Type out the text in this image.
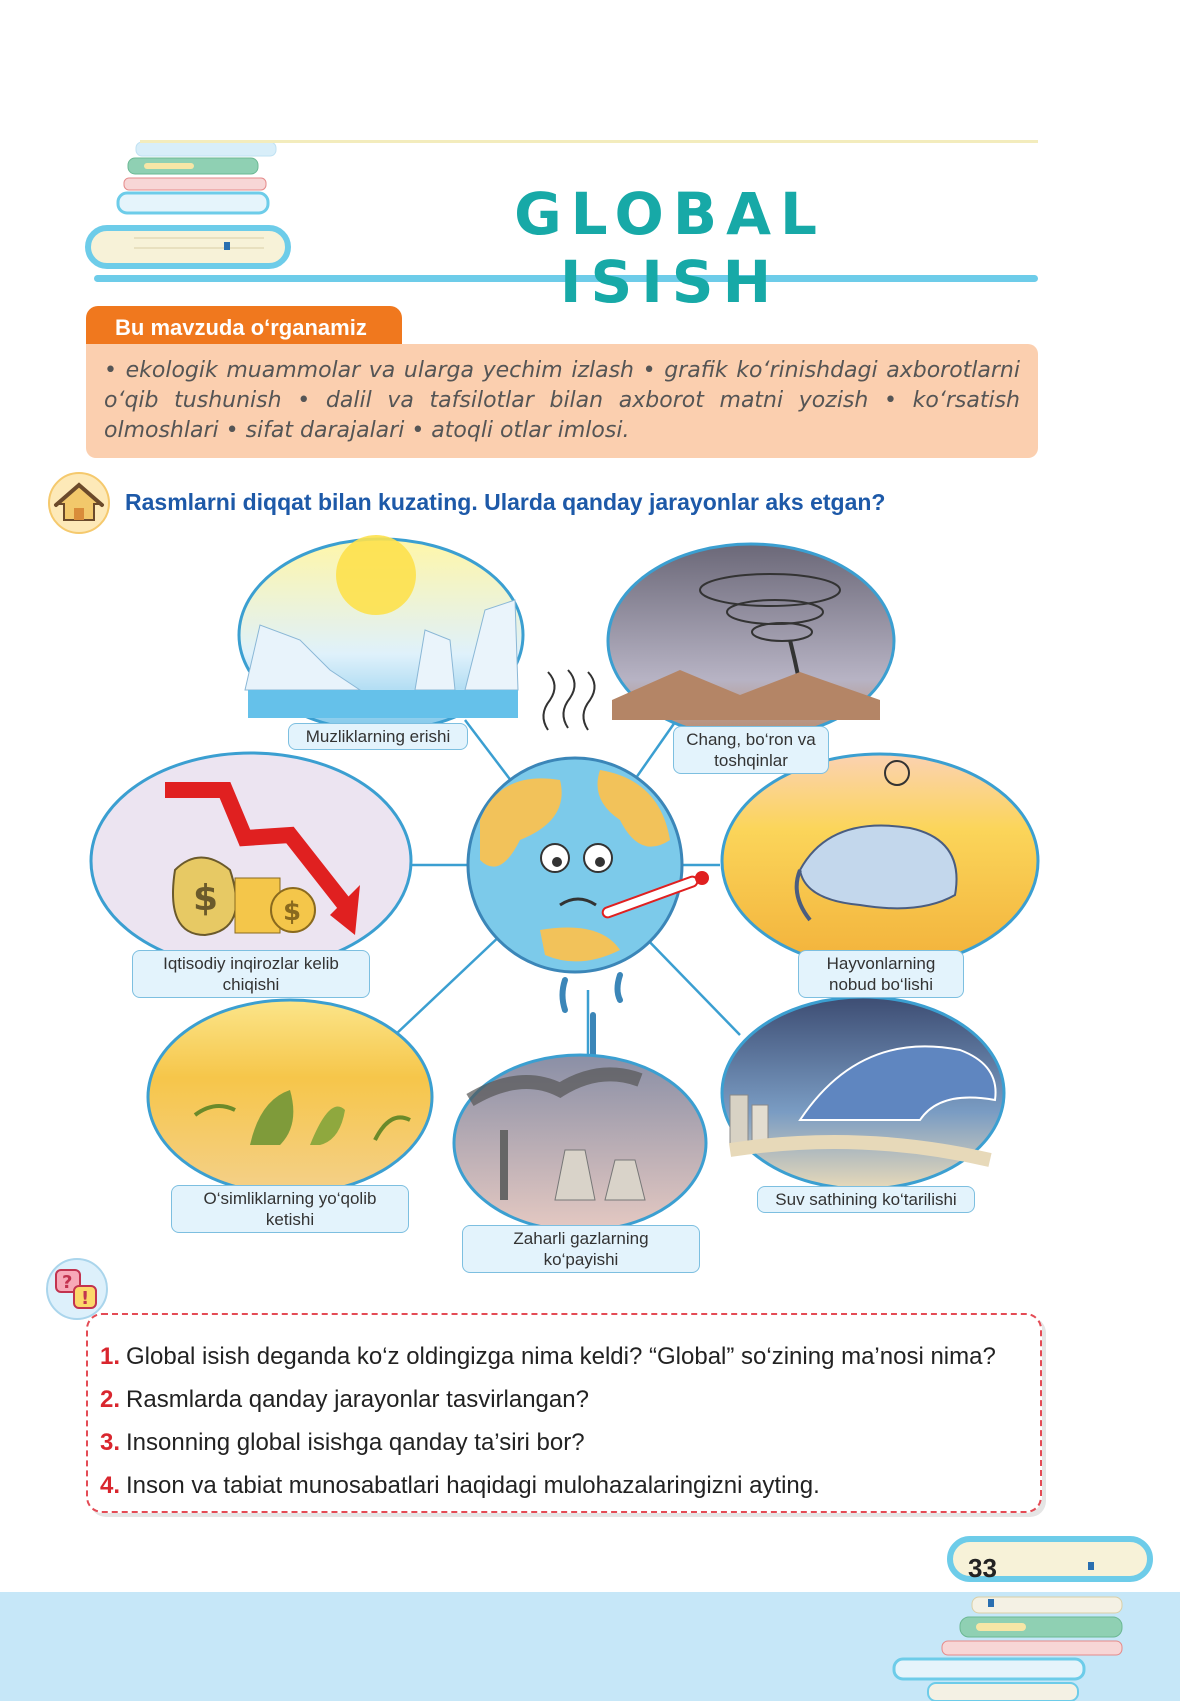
GLOBAL ISISH
Bu mavzuda o‘rganamiz
• ekologik muammolar va ularga yechim izlash • grafik ko‘rinishdagi axborotlarni o‘qib tushunish • dalil va tafsilotlar bilan axborot matni yozish • ko‘rsatish olmoshlari • sifat darajalari • atoqli otlar imlosi.
Rasmlarni diqqat bilan kuzating. Ularda qanday jarayonlar aks etgan?
$ $
Muzliklarning erishi	Chang, bo‘ron va
toshqinlar
Iqtisodiy inqirozlar kelib
chiqishi
Hayvonlarning
nobud bo‘lishi
O‘simliklarning yo‘qolib
ketishi
Zaharli gazlarning
ko‘payishi
Suv sathining ko‘tarilishi
?
!
1. Global isish deganda ko‘z oldingizga nima keldi? “Global” so‘zining ma’nosi nima?
2. Rasmlarda qanday jarayonlar tasvirlangan?
3. Insonning global isishga qanday ta’siri bor?
4. Inson va tabiat munosabatlari haqidagi mulohazalaringizni ayting.
33
